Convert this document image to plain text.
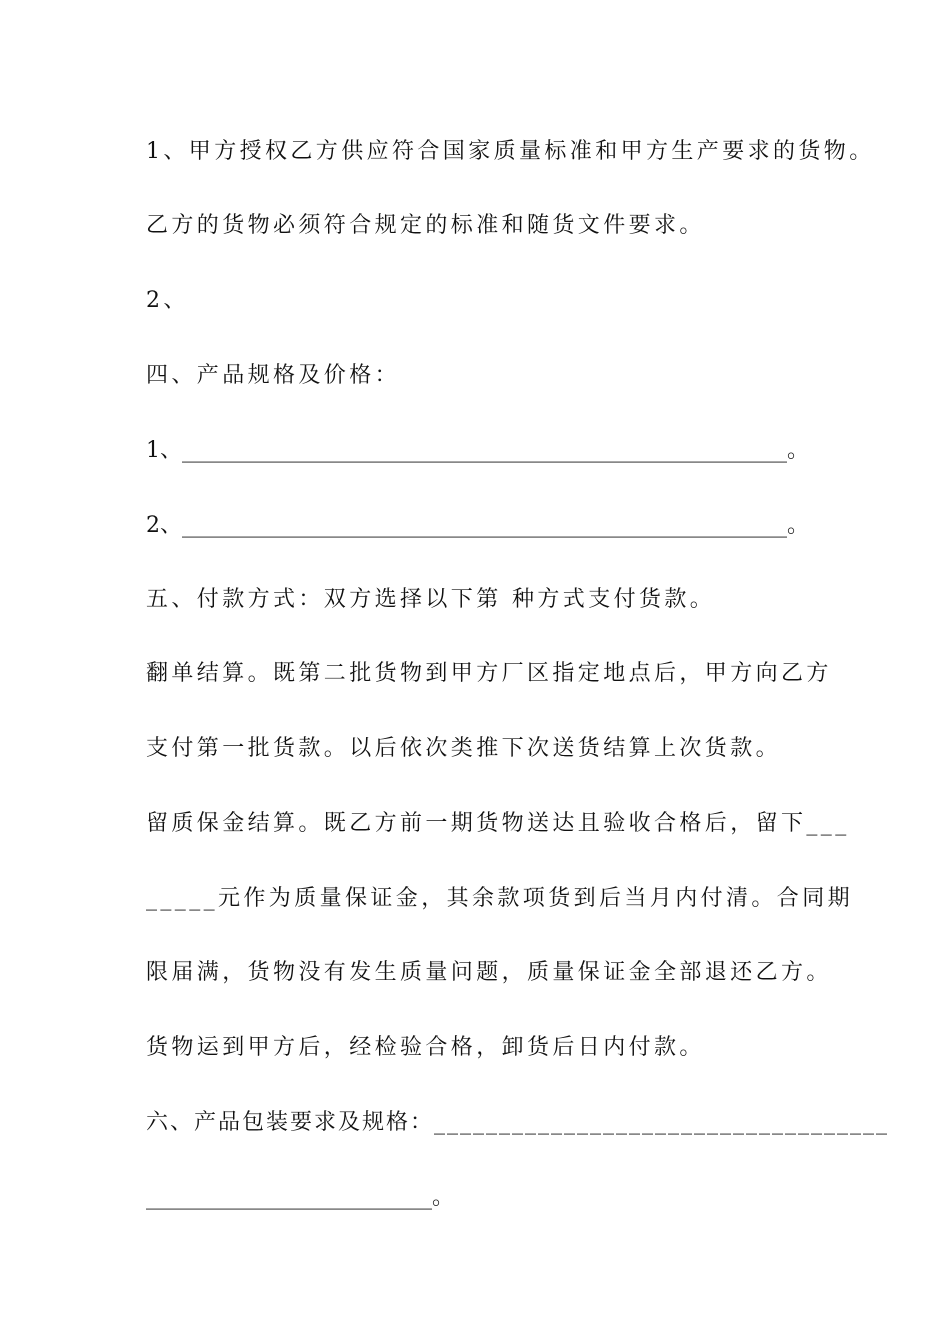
1、甲方授权乙方供应符合国家质量标准和甲方生产要求的货物。
乙方的货物必须符合规定的标准和随货文件要求。
2、
四、产品规格及价格：
1、_______________________________________________________。
2、_______________________________________________________。
五、付款方式：双方选择以下第 种方式支付货款。
翻单结算。既第二批货物到甲方厂区指定地点后，甲方向乙方
支付第一批货款。以后依次类推下次送货结算上次货款。
留质保金结算。既乙方前一期货物送达且验收合格后，留下___
_____元作为质量保证金，其余款项货到后当月内付清。合同期
限届满，货物没有发生质量问题，质量保证金全部退还乙方。
货物运到甲方后，经检验合格，卸货后日内付款。
六、产品包装要求及规格：___________________________________
__________________________。
